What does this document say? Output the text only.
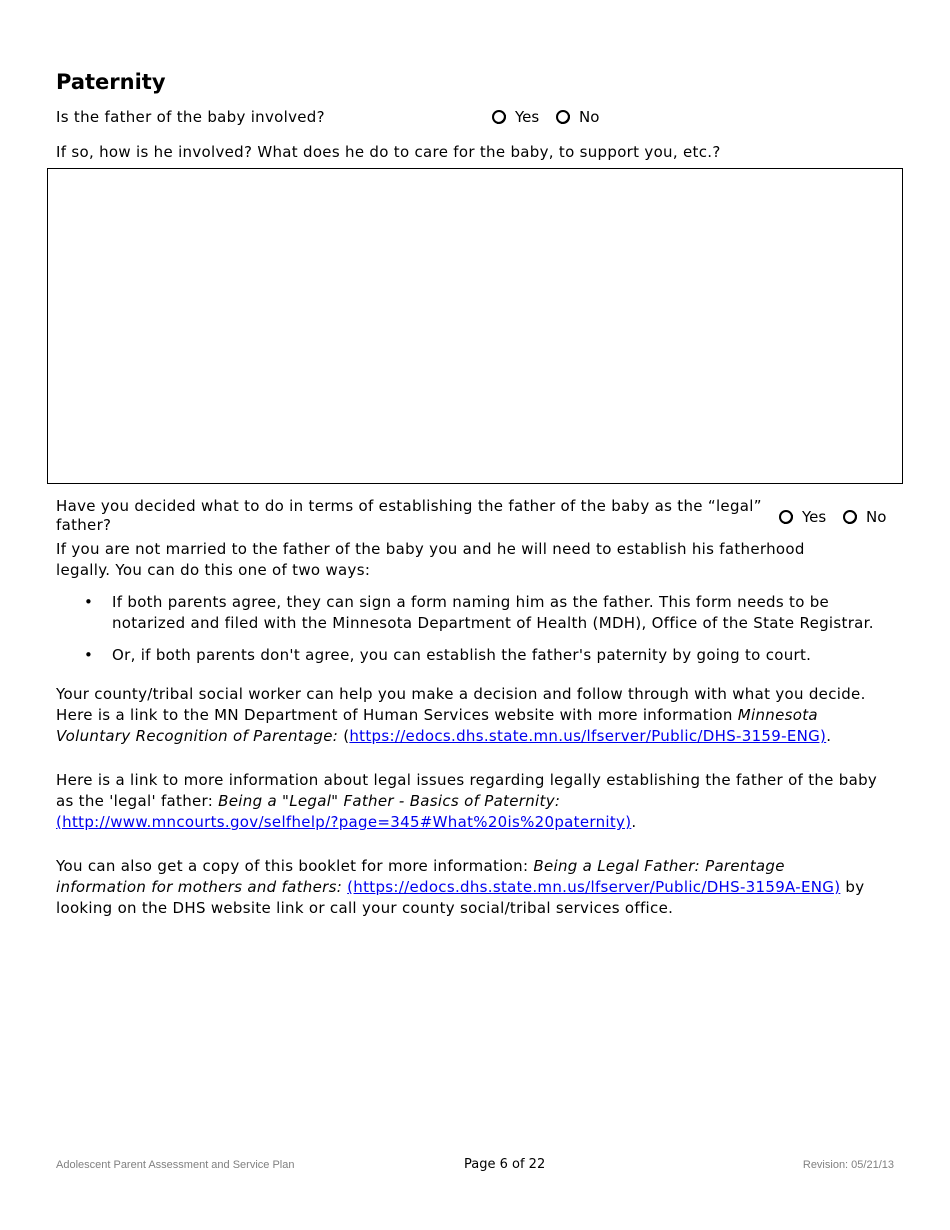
Paternity
Is the father of the baby involved?	Yes
	No
If so, how is he involved? What does he do to care for the baby, to support you, etc.?
Have you decided what to do in terms of establishing the father of the baby as the “legal”
father?	Yes
	No

If you are not married to the father of the baby you and he will need to establish his fatherhood
legally. You can do this one of two ways:

• If both parents agree, they can sign a form naming him as the father. This form needs to be
notarized and filed with the Minnesota Department of Health (MDH), Office of the State Registrar.
• Or, if both parents don't agree, you can establish the father's paternity by going to court.

Your county/tribal social worker can help you make a decision and follow through with what you decide.
Here is a link to the MN Department of Human Services website with more information Minnesota
Voluntary Recognition of Parentage: (https://edocs.dhs.state.mn.us/lfserver/Public/DHS-3159-ENG).

Here is a link to more information about legal issues regarding legally establishing the father of the baby
as the 'legal' father: Being a "Legal" Father - Basics of Paternity:
(http://www.mncourts.gov/selfhelp/?page=345#What%20is%20paternity).

You can also get a copy of this booklet for more information: Being a Legal Father: Parentage
information for mothers and fathers: (https://edocs.dhs.state.mn.us/lfserver/Public/DHS-3159A-ENG) by
looking on the DHS website link or call your county social/tribal services office.

Adolescent Parent Assessment and Service Plan	Page 6 of 22	Revision: 05/21/13
